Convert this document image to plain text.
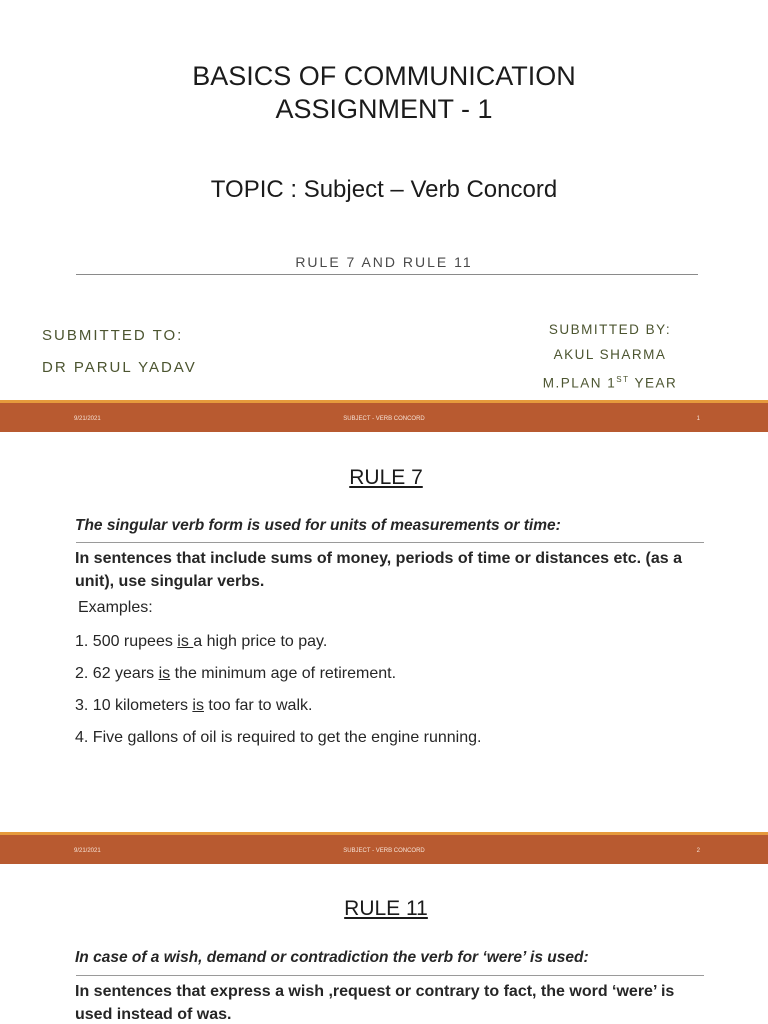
BASICS OF COMMUNICATION
ASSIGNMENT - 1
TOPIC : Subject – Verb Concord
RULE 7 AND RULE 11
SUBMITTED TO:
DR PARUL YADAV
SUBMITTED BY:
AKUL SHARMA
M.PLAN 1ST YEAR
9/21/2021	SUBJECT - VERB CONCORD	1
RULE 7
The singular verb form is used for units of measurements or time:
In sentences that include sums of money, periods of time or distances etc. (as a unit), use singular verbs.
Examples:
1. 500 rupees is a high price to pay.
2. 62 years is the minimum age of retirement.
3. 10 kilometers is too far to walk.
4. Five gallons of oil is required to get the engine running.
9/21/2021	SUBJECT - VERB CONCORD	2
RULE 11
In case of a wish, demand or contradiction the verb for ‘were’ is used:
In sentences that express a wish ,request or contrary to fact, the word ‘were’ is used instead of was.
